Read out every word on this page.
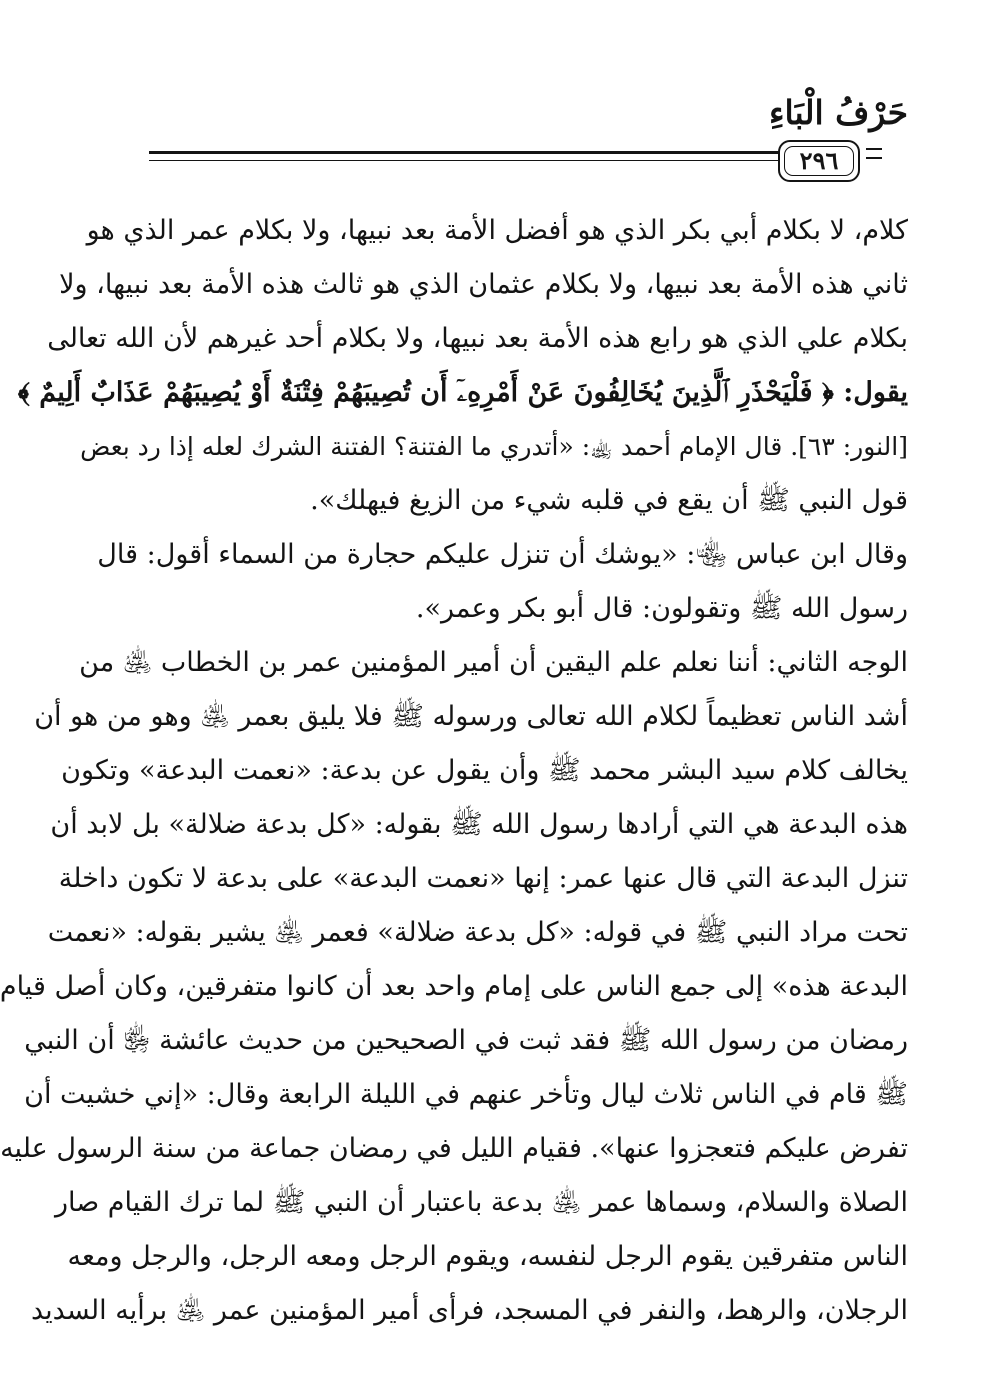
حَرْفُ الْبَاءِ
٢٩٦
كلام، لا بكلام أبي بكر الذي هو أفضل الأمة بعد نبيها، ولا بكلام عمر الذي هو
ثاني هذه الأمة بعد نبيها، ولا بكلام عثمان الذي هو ثالث هذه الأمة بعد نبيها، ولا
بكلام علي الذي هو رابع هذه الأمة بعد نبيها، ولا بكلام أحد غيرهم لأن الله تعالى
يقول: ﴿ فَلْيَحْذَرِ ٱلَّذِينَ يُخَالِفُونَ عَنْ أَمْرِهِۦٓ أَن تُصِيبَهُمْ فِتْنَةٌ أَوْ يُصِيبَهُمْ عَذَابٌ أَلِيمٌ ﴾
[النور: ٦٣]. قال الإمام أحمد ﵀: «أتدري ما الفتنة؟ الفتنة الشرك لعله إذا رد بعض
قول النبي ﷺ أن يقع في قلبه شيء من الزيغ فيهلك».
وقال ابن عباس ﵄: «يوشك أن تنزل عليكم حجارة من السماء أقول: قال
رسول الله ﷺ وتقولون: قال أبو بكر وعمر».
الوجه الثاني: أننا نعلم علم اليقين أن أمير المؤمنين عمر بن الخطاب ﵁ من
أشد الناس تعظيماً لكلام الله تعالى ورسوله ﷺ فلا يليق بعمر ﵁ وهو من هو أن
يخالف كلام سيد البشر محمد ﷺ وأن يقول عن بدعة: «نعمت البدعة» وتكون
هذه البدعة هي التي أرادها رسول الله ﷺ بقوله: «كل بدعة ضلالة» بل لابد أن
تنزل البدعة التي قال عنها عمر: إنها «نعمت البدعة» على بدعة لا تكون داخلة
تحت مراد النبي ﷺ في قوله: «كل بدعة ضلالة» فعمر ﵁ يشير بقوله: «نعمت
البدعة هذه» إلى جمع الناس على إمام واحد بعد أن كانوا متفرقين، وكان أصل قيام
رمضان من رسول الله ﷺ فقد ثبت في الصحيحين من حديث عائشة ﵂ أن النبي
ﷺ قام في الناس ثلاث ليال وتأخر عنهم في الليلة الرابعة وقال: «إني خشيت أن
تفرض عليكم فتعجزوا عنها». فقيام الليل في رمضان جماعة من سنة الرسول عليه
الصلاة والسلام، وسماها عمر ﵁ بدعة باعتبار أن النبي ﷺ لما ترك القيام صار
الناس متفرقين يقوم الرجل لنفسه، ويقوم الرجل ومعه الرجل، والرجل ومعه
الرجلان، والرهط، والنفر في المسجد، فرأى أمير المؤمنين عمر ﵁ برأيه السديد
